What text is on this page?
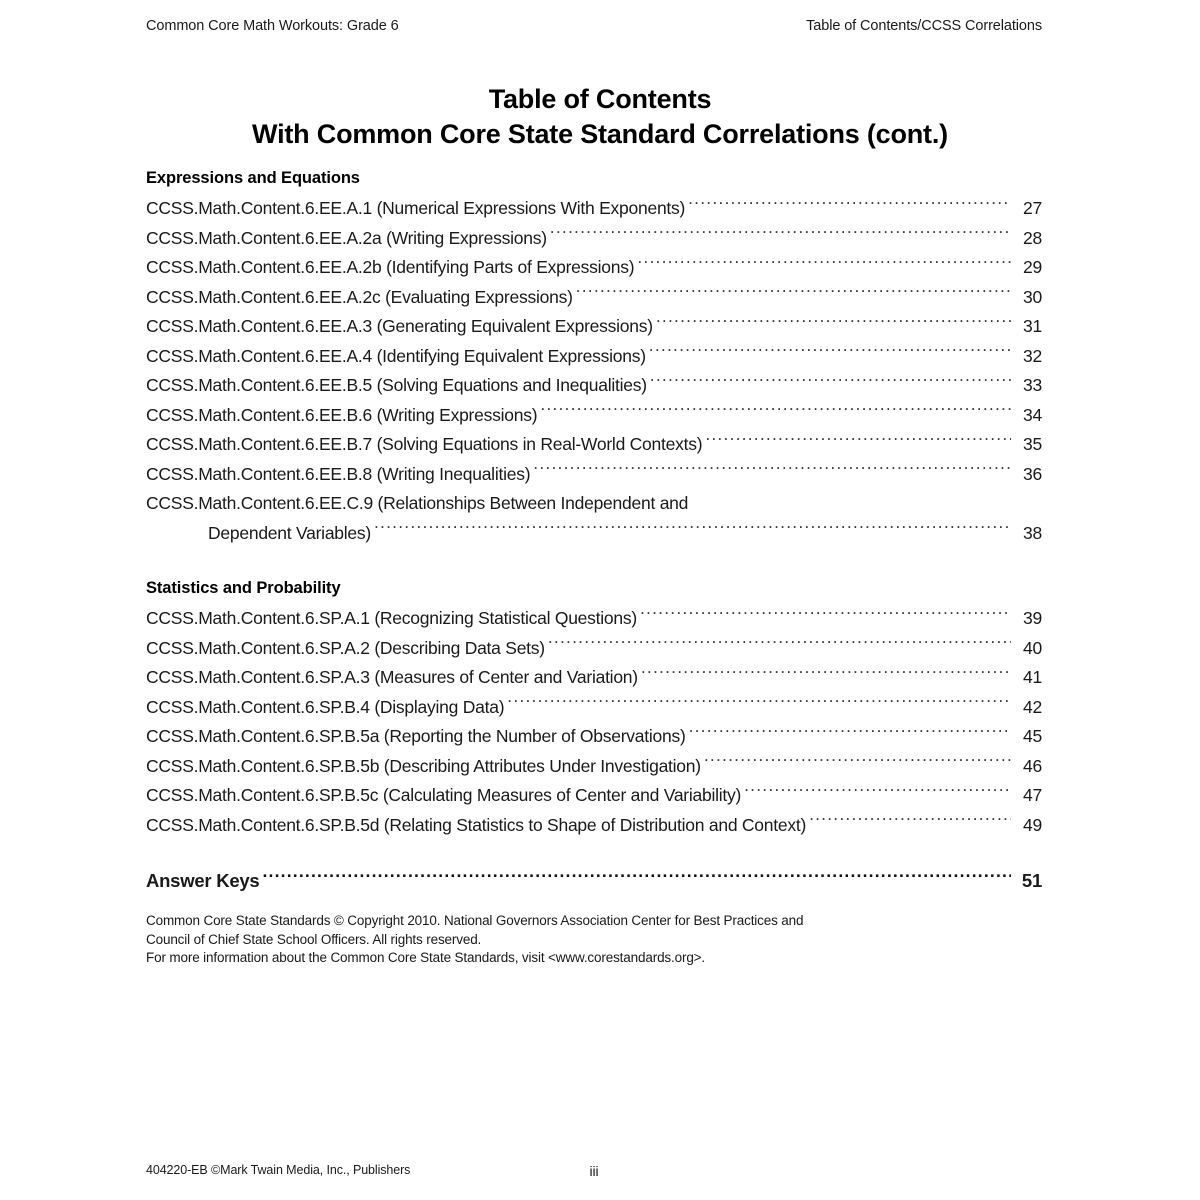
Common Core Math Workouts: Grade 6	Table of Contents/CCSS Correlations
Table of Contents
With Common Core State Standard Correlations (cont.)
Expressions and Equations
CCSS.Math.Content.6.EE.A.1 (Numerical Expressions With Exponents) .....	27
CCSS.Math.Content.6.EE.A.2a (Writing Expressions) .....	28
CCSS.Math.Content.6.EE.A.2b (Identifying Parts of Expressions) .....	29
CCSS.Math.Content.6.EE.A.2c (Evaluating Expressions) .....	30
CCSS.Math.Content.6.EE.A.3 (Generating Equivalent Expressions) .....	31
CCSS.Math.Content.6.EE.A.4 (Identifying Equivalent Expressions) .....	32
CCSS.Math.Content.6.EE.B.5 (Solving Equations and Inequalities) .....	33
CCSS.Math.Content.6.EE.B.6 (Writing Expressions) .....	34
CCSS.Math.Content.6.EE.B.7 (Solving Equations in Real-World Contexts) .....	35
CCSS.Math.Content.6.EE.B.8 (Writing Inequalities) .....	36
CCSS.Math.Content.6.EE.C.9 (Relationships Between Independent and
Dependent Variables) .....	38
Statistics and Probability
CCSS.Math.Content.6.SP.A.1 (Recognizing Statistical Questions) .....	39
CCSS.Math.Content.6.SP.A.2 (Describing Data Sets) .....	40
CCSS.Math.Content.6.SP.A.3 (Measures of Center and Variation) .....	41
CCSS.Math.Content.6.SP.B.4 (Displaying Data) .....	42
CCSS.Math.Content.6.SP.B.5a (Reporting the Number of Observations) .....	45
CCSS.Math.Content.6.SP.B.5b (Describing Attributes Under Investigation) .....	46
CCSS.Math.Content.6.SP.B.5c (Calculating Measures of Center and Variability) .....	47
CCSS.Math.Content.6.SP.B.5d (Relating Statistics to Shape of Distribution and Context) .....	49
Answer Keys .....	51

Common Core State Standards © Copyright 2010. National Governors Association Center for Best Practices and

Council of Chief State School Officers. All rights reserved.

For more information about the Common Core State Standards, visit <www.corestandards.org>.

404220-EB ©Mark Twain Media, Inc., Publishers	iii
